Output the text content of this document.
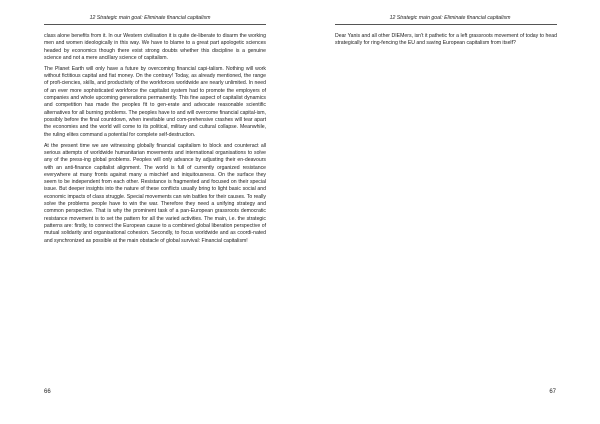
12 Strategic main goal: Eliminate financial capitalism

class alone benefits from it. In our Western civilisation it is quite de-liberate to disarm the working men and women ideologically in this way. We have to blame to a great part apologetic sciences headed by economics though there exist strong doubts whether this discipline is a genuine science and not a mere ancillary science of capitalism.

The Planet Earth will only have a future by overcoming financial capi-talism. Nothing will work without fictitious capital and fiat money. On the contrary! Today, as already mentioned, the range of profi-ciencies, skills, and productivity of the workforces worldwide are nearly unlimited. In need of an ever more sophisticated workforce the capitalist system had to promote the employers of companies and whole upcoming generations permanently. This fine aspect of capitalist dynamics and competition has made the peoples fit to gen-erate and advocate reasonable scientific alternatives for all burning problems. The peoples have to and will overcome financial capital-ism, possibly before the final countdown, when inevitable und com-prehensive crashes will tear apart the economies and the world will come to its political, military and cultural collapse. Meanwhile, the ruling elites command a potential for complete self-destruction.

At the present time we are witnessing globally financial capitalism to block and counteract all serious attempts of worldwide humanitarian movements and international organisations to solve any of the press-ing global problems. Peoples will only advance by adjusting their en-deavours with an anti-finance capitalist alignment. The world is full of currently organized resistance everywhere at many fronts against many a mischief and iniquitousness. On the surface they seem to be independent from each other. Resistance is fragmented and focused on their special issue. But deeper insights into the nature of these conflicts usually bring to light basic social and economic impacts of class struggle. Special movements can win battles for their causes. To really solve the problems people have to win the war. Therefore they need a unifying strategy and common perspective. That is why the prominent task of a pan-European grassroots democratic resistance movement is to set the pattern for all the varied activities. The main, i.e. the strategic patterns are: firstly, to connect the European cause to a combined global liberation perspective of mutual solidarity and organisational cohesion. Secondly, to focus worldwide and as coordi-nated and synchronized as possible at the main obstacle of global survival: Financial capitalism!

66
12 Strategic main goal: Eliminate financial capitalism

Dear Yanis and all other DIEMers, isn't it pathetic for a left grassroots movement of today to head strategically for ring-fencing the EU and saving European capitalism from itself?

67
